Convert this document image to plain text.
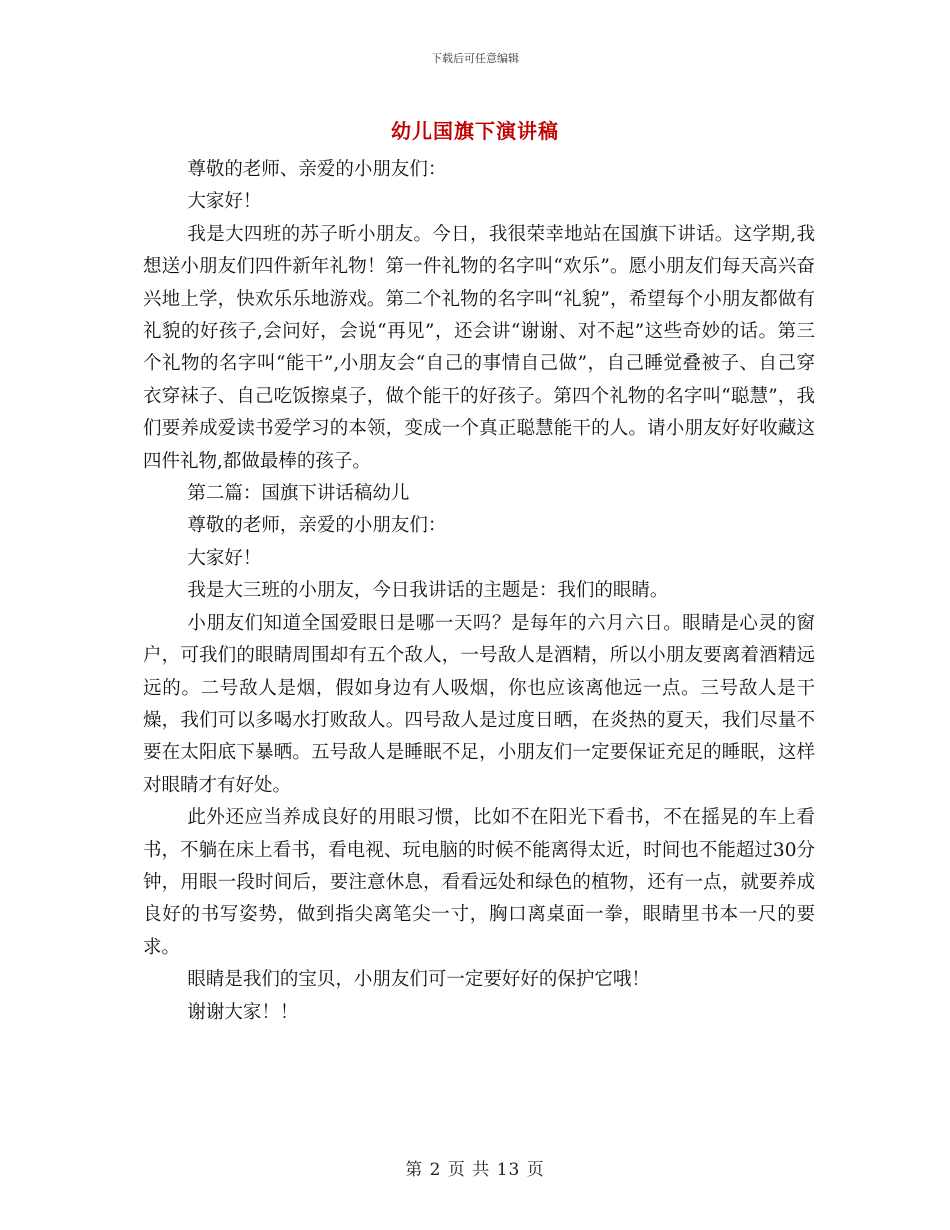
下载后可任意编辑
幼儿国旗下演讲稿

尊敬的老师、亲爱的小朋友们：

大家好！

我是大四班的苏子昕小朋友。今日，我很荣幸地站在国旗下讲话。这学期,我想送小朋友们四件新年礼物！第一件礼物的名字叫“欢乐”。愿小朋友们每天高兴奋兴地上学，快欢乐乐地游戏。第二个礼物的名字叫“礼貌”，希望每个小朋友都做有礼貌的好孩子,会问好，会说“再见”，还会讲“谢谢、对不起”这些奇妙的话。第三个礼物的名字叫“能干”,小朋友会“自己的事情自己做”，自己睡觉叠被子、自己穿衣穿袜子、自己吃饭擦桌子，做个能干的好孩子。第四个礼物的名字叫“聪慧”，我们要养成爱读书爱学习的本领，变成一个真正聪慧能干的人。请小朋友好好收藏这四件礼物,都做最棒的孩子。

第二篇：国旗下讲话稿幼儿

尊敬的老师，亲爱的小朋友们：

大家好！

我是大三班的小朋友，今日我讲话的主题是：我们的眼睛。

小朋友们知道全国爱眼日是哪一天吗？是每年的六月六日。眼睛是心灵的窗户，可我们的眼睛周围却有五个敌人，一号敌人是酒精，所以小朋友要离着酒精远远的。二号敌人是烟，假如身边有人吸烟，你也应该离他远一点。三号敌人是干燥，我们可以多喝水打败敌人。四号敌人是过度日晒，在炎热的夏天，我们尽量不要在太阳底下暴晒。五号敌人是睡眠不足，小朋友们一定要保证充足的睡眠，这样对眼睛才有好处。

此外还应当养成良好的用眼习惯，比如不在阳光下看书，不在摇晃的车上看书，不躺在床上看书，看电视、玩电脑的时候不能离得太近，时间也不能超过30分钟，用眼一段时间后，要注意休息，看看远处和绿色的植物，还有一点，就要养成良好的书写姿势，做到指尖离笔尖一寸，胸口离桌面一拳，眼睛里书本一尺的要求。

眼睛是我们的宝贝，小朋友们可一定要好好的保护它哦！

谢谢大家！！

第 2 页 共 13 页
